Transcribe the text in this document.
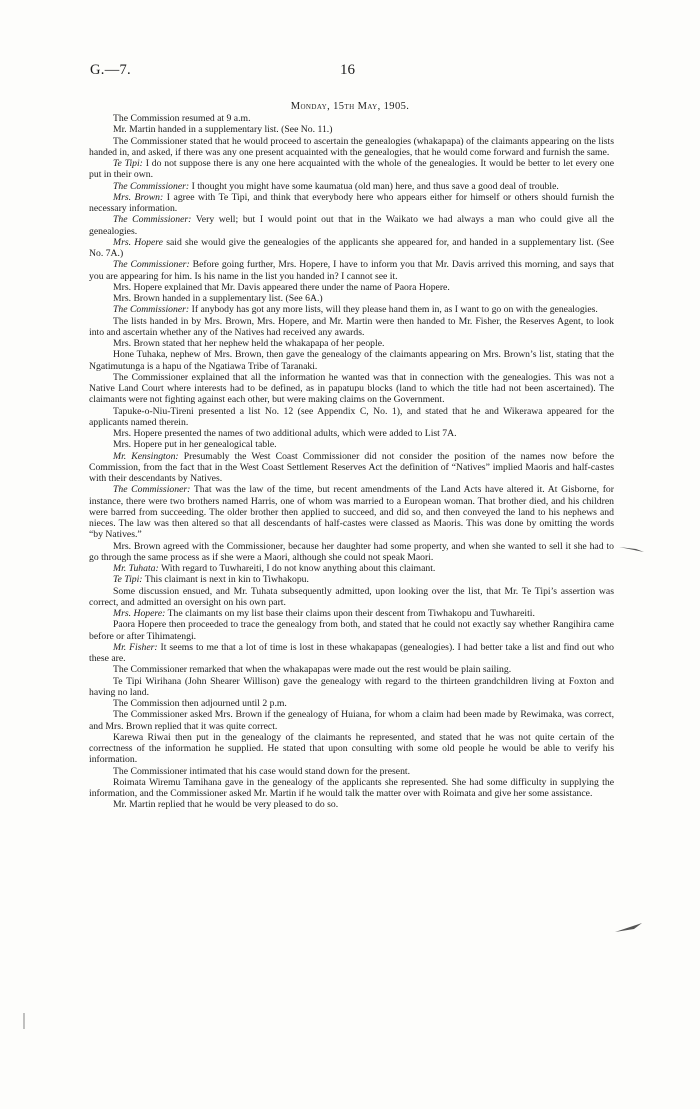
G.—7.	16
Monday, 15th May, 1905.

The Commission resumed at 9 a.m.

Mr. Martin handed in a supplementary list. (See No. 11.)

The Commissioner stated that he would proceed to ascertain the genealogies (whakapapa) of the claimants appearing on the lists handed in, and asked, if there was any one present acquainted with the genealogies, that he would come forward and furnish the same.

Te Tipi: I do not suppose there is any one here acquainted with the whole of the genealogies. It would be better to let every one put in their own.

The Commissioner: I thought you might have some kaumatua (old man) here, and thus save a good deal of trouble.

Mrs. Brown: I agree with Te Tipi, and think that everybody here who appears either for himself or others should furnish the necessary information.

The Commissioner: Very well; but I would point out that in the Waikato we had always a man who could give all the genealogies.

Mrs. Hopere said she would give the genealogies of the applicants she appeared for, and handed in a supplementary list. (See No. 7A.)

The Commissioner: Before going further, Mrs. Hopere, I have to inform you that Mr. Davis arrived this morning, and says that you are appearing for him. Is his name in the list you handed in? I cannot see it.

Mrs. Hopere explained that Mr. Davis appeared there under the name of Paora Hopere.

Mrs. Brown handed in a supplementary list. (See 6A.)

The Commissioner: If anybody has got any more lists, will they please hand them in, as I want to go on with the genealogies.

The lists handed in by Mrs. Brown, Mrs. Hopere, and Mr. Martin were then handed to Mr. Fisher, the Reserves Agent, to look into and ascertain whether any of the Natives had received any awards.

Mrs. Brown stated that her nephew held the whakapapa of her people.

Hone Tuhaka, nephew of Mrs. Brown, then gave the genealogy of the claimants appearing on Mrs. Brown’s list, stating that the Ngatimutunga is a hapu of the Ngatiawa Tribe of Taranaki.

The Commissioner explained that all the information he wanted was that in connection with the genealogies. This was not a Native Land Court where interests had to be defined, as in papatupu blocks (land to which the title had not been ascertained). The claimants were not fighting against each other, but were making claims on the Government.

Tapuke-o-Niu-Tireni presented a list No. 12 (see Appendix C, No. 1), and stated that he and Wikerawa appeared for the applicants named therein.

Mrs. Hopere presented the names of two additional adults, which were added to List 7A.

Mrs. Hopere put in her genealogical table.

Mr. Kensington: Presumably the West Coast Commissioner did not consider the position of the names now before the Commission, from the fact that in the West Coast Settlement Reserves Act the definition of “Natives” implied Maoris and half-castes with their descendants by Natives.

The Commissioner: That was the law of the time, but recent amendments of the Land Acts have altered it. At Gisborne, for instance, there were two brothers named Harris, one of whom was married to a European woman. That brother died, and his children were barred from succeeding. The older brother then applied to succeed, and did so, and then conveyed the land to his nephews and nieces. The law was then altered so that all descendants of half-castes were classed as Maoris. This was done by omitting the words “by Natives.”

Mrs. Brown agreed with the Commissioner, because her daughter had some property, and when she wanted to sell it she had to go through the same process as if she were a Maori, although she could not speak Maori.

Mr. Tuhata: With regard to Tuwhareiti, I do not know anything about this claimant.

Te Tipi: This claimant is next in kin to Tiwhakopu.

Some discussion ensued, and Mr. Tuhata subsequently admitted, upon looking over the list, that Mr. Te Tipi’s assertion was correct, and admitted an oversight on his own part.

Mrs. Hopere: The claimants on my list base their claims upon their descent from Tiwhakopu and Tuwhareiti.

Paora Hopere then proceeded to trace the genealogy from both, and stated that he could not exactly say whether Rangihira came before or after Tihimatengi.

Mr. Fisher: It seems to me that a lot of time is lost in these whakapapas (genealogies). I had better take a list and find out who these are.

The Commissioner remarked that when the whakapapas were made out the rest would be plain sailing.

Te Tipi Wirihana (John Shearer Willison) gave the genealogy with regard to the thirteen grandchildren living at Foxton and having no land.

The Commission then adjourned until 2 p.m.

The Commissioner asked Mrs. Brown if the genealogy of Huiana, for whom a claim had been made by Rewimaka, was correct, and Mrs. Brown replied that it was quite correct.

Karewa Riwai then put in the genealogy of the claimants he represented, and stated that he was not quite certain of the correctness of the information he supplied. He stated that upon consulting with some old people he would be able to verify his information.

The Commissioner intimated that his case would stand down for the present.

Roimata Wiremu Tamihana gave in the genealogy of the applicants she represented. She had some difficulty in supplying the information, and the Commissioner asked Mr. Martin if he would talk the matter over with Roimata and give her some assistance.

Mr. Martin replied that he would be very pleased to do so.
